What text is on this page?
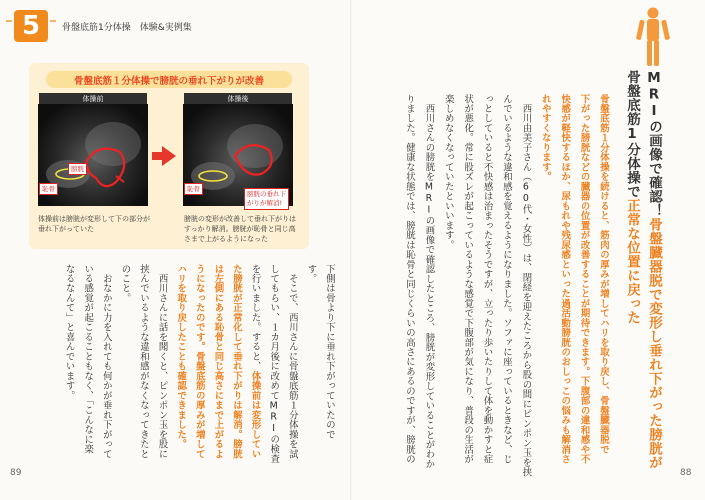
5 骨盤底筋1分体操　体験&実例集
骨盤底筋１分体操で膀胱の垂れ下がりが改善
体操前	体操後
膀胱
恥骨	恥骨
膀胱の垂れ下
がりが解消!
体操前は膀胱が変形して下の部分が
垂れ下がっていた
膀胱の変形が改善して垂れ下がりは
すっかり解消。膀胱が恥骨と同じ高
さまで上がるようになった
下側は骨より下に垂れ下がっていたので
す。
　そこで、西川さんに骨盤底筋１分体操を試
してもらい、１カ月後に改めてMRIの検査
を行いました。すると、体操前は変形してい
た膀胱が正常化して垂れ下がりは解消。膀胱
は左側にある恥骨と同じ高さにまで上がるよ
うになったのです。骨盤底筋の厚みが増して
ハリを取り戻したことも確認できました。
　西川さんに話を聞くと、ピンポン玉を股に
挟んでいるような違和感がなくなってきたと
のこと。
　おなかに力を入れても何かが垂れ下がって
いる感覚が起こることもなく、「こんなに楽
なるなんて」と喜んでいます。
89
MRIの画像で確認！骨盤臓器脱で変形し垂れ下がった膀胱が
骨盤底筋1分体操で正常な位置に戻った
骨盤底筋１分体操を続けると、筋肉の厚みが増してハリを取り戻し、骨盤臓器脱で
下がった膀胱などの臓器の位置が改善することが期待できます。下腹部の違和感や不
快感が軽快するほか、尿もれや残尿感といった過活動膀胱のおしっこの悩みも解消さ
れやすくなります。
　西川由美子さん（60代・女性）は、閉経を迎えたころから股の間にピンポン玉を挟
んでいるような違和感を覚えるようになりました。ソファに座っているときなど、じ
っとしていると不快感は治まったそうですが、立ったり歩いたりして体を動かすと症
状が悪化。常に股ズレが起こっているような感覚で下腹部が気になり、普段の生活が
楽しめなくなっていたといいます。
　西川さんの膀胱をMRIの画像で確認したところ、膀胱が変形していることがわか
りました。健康な状態では、膀胱は恥骨と同じくらいの高さにあるのですが、膀胱の
88
